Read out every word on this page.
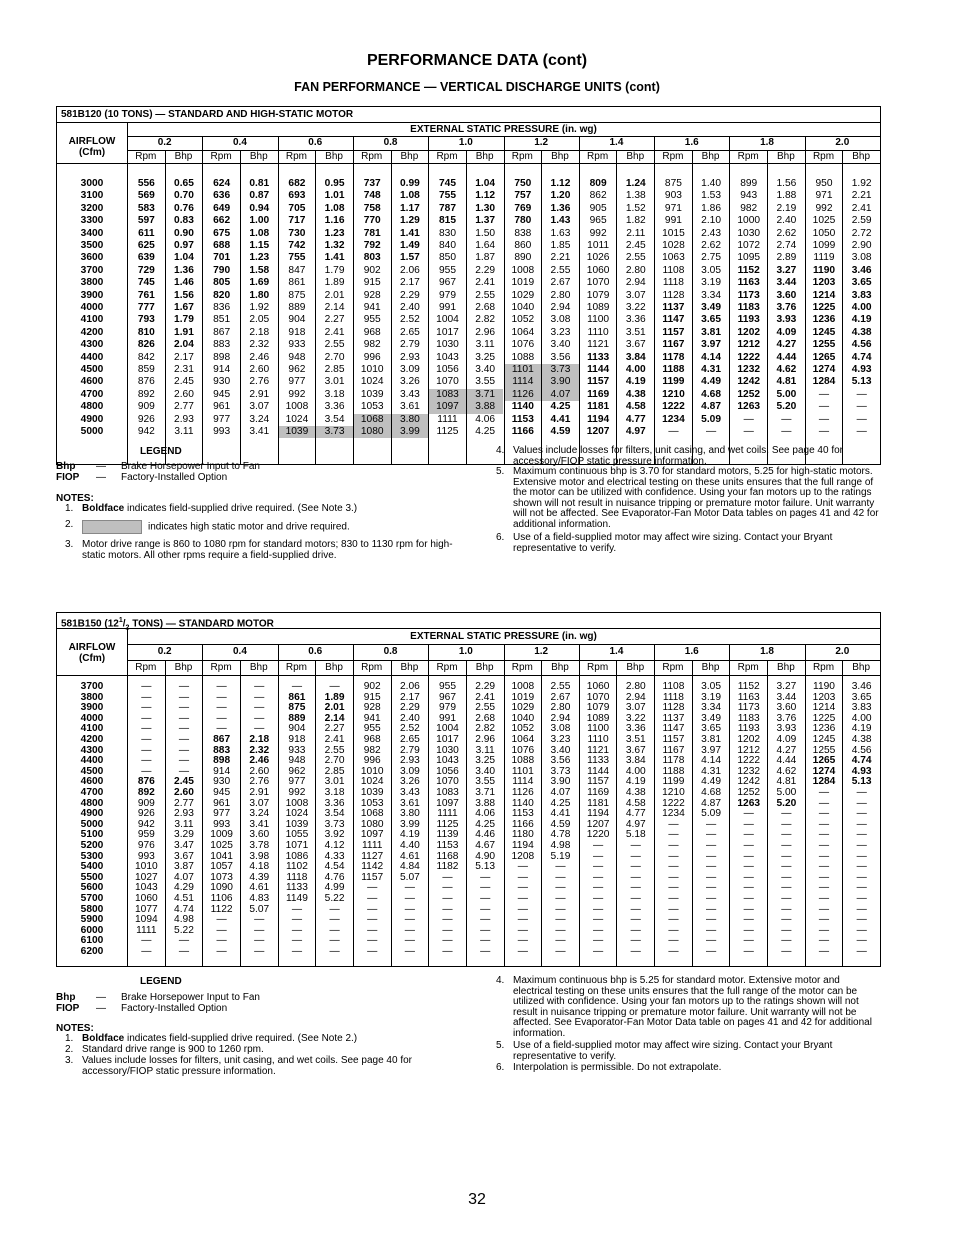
PERFORMANCE DATA (cont)
FAN PERFORMANCE — VERTICAL DISCHARGE UNITS (cont)
581B120 (10 TONS) — STANDARD AND HIGH-STATIC MOTOR
AIRFLOW
(Cfm)
EXTERNAL STATIC PRESSURE (in. wg)
0.2
Rpm	Bhp
0.4
Rpm	Bhp
0.6
Rpm	Bhp
0.8
Rpm	Bhp
1.0
Rpm	Bhp
1.2
Rpm	Bhp
1.4
Rpm	Bhp
1.6
Rpm	Bhp
1.8
Rpm	Bhp
2.0
Rpm	Bhp
3000	556	0.65	624	0.81	682	0.95	737	0.99	745	1.04	750	1.12	809	1.24	875	1.40	899	1.56	950	1.92
3100	569	0.70	636	0.87	693	1.01	748	1.08	755	1.12	757	1.20	862	1.38	903	1.53	943	1.88	971	2.21
3200	583	0.76	649	0.94	705	1.08	758	1.17	787	1.30	769	1.36	905	1.52	971	1.86	982	2.19	992	2.41
3300	597	0.83	662	1.00	717	1.16	770	1.29	815	1.37	780	1.43	965	1.82	991	2.10	1000	2.40	1025	2.59
3400	611	0.90	675	1.08	730	1.23	781	1.41	830	1.50	838	1.63	992	2.11	1015	2.43	1030	2.62	1050	2.72
3500	625	0.97	688	1.15	742	1.32	792	1.49	840	1.64	860	1.85	1011	2.45	1028	2.62	1072	2.74	1099	2.90
3600	639	1.04	701	1.23	755	1.41	803	1.57	850	1.87	890	2.21	1026	2.55	1063	2.75	1095	2.89	1119	3.08
3700	729	1.36	790	1.58	847	1.79	902	2.06	955	2.29	1008	2.55	1060	2.80	1108	3.05	1152	3.27	1190	3.46
3800	745	1.46	805	1.69	861	1.89	915	2.17	967	2.41	1019	2.67	1070	2.94	1118	3.19	1163	3.44	1203	3.65
3900	761	1.56	820	1.80	875	2.01	928	2.29	979	2.55	1029	2.80	1079	3.07	1128	3.34	1173	3.60	1214	3.83
4000	777	1.67	836	1.92	889	2.14	941	2.40	991	2.68	1040	2.94	1089	3.22	1137	3.49	1183	3.76	1225	4.00
4100	793	1.79	851	2.05	904	2.27	955	2.52	1004	2.82	1052	3.08	1100	3.36	1147	3.65	1193	3.93	1236	4.19
4200	810	1.91	867	2.18	918	2.41	968	2.65	1017	2.96	1064	3.23	1110	3.51	1157	3.81	1202	4.09	1245	4.38
4300	826	2.04	883	2.32	933	2.55	982	2.79	1030	3.11	1076	3.40	1121	3.67	1167	3.97	1212	4.27	1255	4.56
4400	842	2.17	898	2.46	948	2.70	996	2.93	1043	3.25	1088	3.56	1133	3.84	1178	4.14	1222	4.44	1265	4.74
4500	859	2.31	914	2.60	962	2.85	1010	3.09	1056	3.40	1101	3.73	1144	4.00	1188	4.31	1232	4.62	1274	4.93
4600	876	2.45	930	2.76	977	3.01	1024	3.26	1070	3.55	1114	3.90	1157	4.19	1199	4.49	1242	4.81	1284	5.13
4700	892	2.60	945	2.91	992	3.18	1039	3.43	1083	3.71	1126	4.07	1169	4.38	1210	4.68	1252	5.00	—	—
4800	909	2.77	961	3.07	1008	3.36	1053	3.61	1097	3.88	1140	4.25	1181	4.58	1222	4.87	1263	5.20	—	—
4900	926	2.93	977	3.24	1024	3.54	1068	3.80	1111	4.06	1153	4.41	1194	4.77	1234	5.09	—	—	—	—
5000	942	3.11	993	3.41	1039	3.73	1080	3.99	1125	4.25	1166	4.59	1207	4.97	—	—	—	—	—	—
LEGEND
Bhp — Brake Horsepower Input to Fan
FIOP — Factory-Installed Option
NOTES:
1. Boldface indicates field-supplied drive required. (See Note 3.)
2.	indicates high static motor and drive required.
3. Motor drive range is 860 to 1080 rpm for standard motors; 830 to 1130 rpm for high-static motors. All other rpms require a field-supplied drive.
4. Values include losses for filters, unit casing, and wet coils. See page 40 for accessory/FIOP static pressure information.
5. Maximum continuous bhp is 3.70 for standard motors, 5.25 for high-static motors. Extensive motor and electrical testing on these units ensures that the full range of the motor can be utilized with confidence. Using your fan motors up to the ratings shown will not result in nuisance tripping or premature motor failure. Unit warranty will not be affected. See Evaporator-Fan Motor Data tables on pages 41 and 42 for additional information.
6. Use of a field-supplied motor may affect wire sizing. Contact your Bryant representative to verify.
581B150 ($12^1/_2$ TONS) — STANDARD MOTOR
AIRFLOW
(Cfm)
EXTERNAL STATIC PRESSURE (in. wg)
0.2
Rpm	Bhp
0.4
Rpm	Bhp
0.6
Rpm	Bhp
0.8
Rpm	Bhp
1.0
Rpm	Bhp
1.2
Rpm	Bhp
1.4
Rpm	Bhp
1.6
Rpm	Bhp
1.8
Rpm	Bhp
2.0
Rpm	Bhp
3700	—	—	—	—	—	—	902	2.06	955	2.29	1008	2.55	1060	2.80	1108	3.05	1152	3.27	1190	3.46
3800	—	—	—	—	861	1.89	915	2.17	967	2.41	1019	2.67	1070	2.94	1118	3.19	1163	3.44	1203	3.65
3900	—	—	—	—	875	2.01	928	2.29	979	2.55	1029	2.80	1079	3.07	1128	3.34	1173	3.60	1214	3.83
4000	—	—	—	—	889	2.14	941	2.40	991	2.68	1040	2.94	1089	3.22	1137	3.49	1183	3.76	1225	4.00
4100	—	—	—	—	904	2.27	955	2.52	1004	2.82	1052	3.08	1100	3.36	1147	3.65	1193	3.93	1236	4.19
4200	—	—	867	2.18	918	2.41	968	2.65	1017	2.96	1064	3.23	1110	3.51	1157	3.81	1202	4.09	1245	4.38
4300	—	—	883	2.32	933	2.55	982	2.79	1030	3.11	1076	3.40	1121	3.67	1167	3.97	1212	4.27	1255	4.56
4400	—	—	898	2.46	948	2.70	996	2.93	1043	3.25	1088	3.56	1133	3.84	1178	4.14	1222	4.44	1265	4.74
4500	—	—	914	2.60	962	2.85	1010	3.09	1056	3.40	1101	3.73	1144	4.00	1188	4.31	1232	4.62	1274	4.93
4600	876	2.45	930	2.76	977	3.01	1024	3.26	1070	3.55	1114	3.90	1157	4.19	1199	4.49	1242	4.81	1284	5.13
4700	892	2.60	945	2.91	992	3.18	1039	3.43	1083	3.71	1126	4.07	1169	4.38	1210	4.68	1252	5.00	—	—
4800	909	2.77	961	3.07	1008	3.36	1053	3.61	1097	3.88	1140	4.25	1181	4.58	1222	4.87	1263	5.20	—	—
4900	926	2.93	977	3.24	1024	3.54	1068	3.80	1111	4.06	1153	4.41	1194	4.77	1234	5.09	—	—	—	—
5000	942	3.11	993	3.41	1039	3.73	1080	3.99	1125	4.25	1166	4.59	1207	4.97	—	—	—	—	—	—
5100	959	3.29	1009	3.60	1055	3.92	1097	4.19	1139	4.46	1180	4.78	1220	5.18	—	—	—	—	—	—
5200	976	3.47	1025	3.78	1071	4.12	1111	4.40	1153	4.67	1194	4.98	—	—	—	—	—	—	—	—
5300	993	3.67	1041	3.98	1086	4.33	1127	4.61	1168	4.90	1208	5.19	—	—	—	—	—	—	—	—
5400	1010	3.87	1057	4.18	1102	4.54	1142	4.84	1182	5.13	—	—	—	—	—	—	—	—	—	—
5500	1027	4.07	1073	4.39	1118	4.76	1157	5.07	—	—	—	—	—	—	—	—	—	—	—	—
5600	1043	4.29	1090	4.61	1133	4.99	—	—	—	—	—	—	—	—	—	—	—	—	—	—
5700	1060	4.51	1106	4.83	1149	5.22	—	—	—	—	—	—	—	—	—	—	—	—	—	—
5800	1077	4.74	1122	5.07	—	—	—	—	—	—	—	—	—	—	—	—	—	—	—	—
5900	1094	4.98	—	—	—	—	—	—	—	—	—	—	—	—	—	—	—	—	—	—
6000	1111	5.22	—	—	—	—	—	—	—	—	—	—	—	—	—	—	—	—	—	—
6100	—	—	—	—	—	—	—	—	—	—	—	—	—	—	—	—	—	—	—	—
6200	—	—	—	—	—	—	—	—	—	—	—	—	—	—	—	—	—	—	—	—
LEGEND
Bhp — Brake Horsepower Input to Fan
FIOP — Factory-Installed Option
NOTES:
1. Boldface indicates field-supplied drive required. (See Note 2.)
2. Standard drive range is 900 to 1260 rpm.
3. Values include losses for filters, unit casing, and wet coils. See page 40 for accessory/FIOP static pressure information.
4. Maximum continuous bhp is 5.25 for standard motor. Extensive motor and electrical testing on these units ensures that the full range of the motor can be utilized with confidence. Using your fan motors up to the ratings shown will not result in nuisance tripping or premature motor failure. Unit warranty will not be affected. See Evaporator-Fan Motor Data table on pages 41 and 42 for additional information.
5. Use of a field-supplied motor may affect wire sizing. Contact your Bryant representative to verify.
6. Interpolation is permissible. Do not extrapolate.
32
